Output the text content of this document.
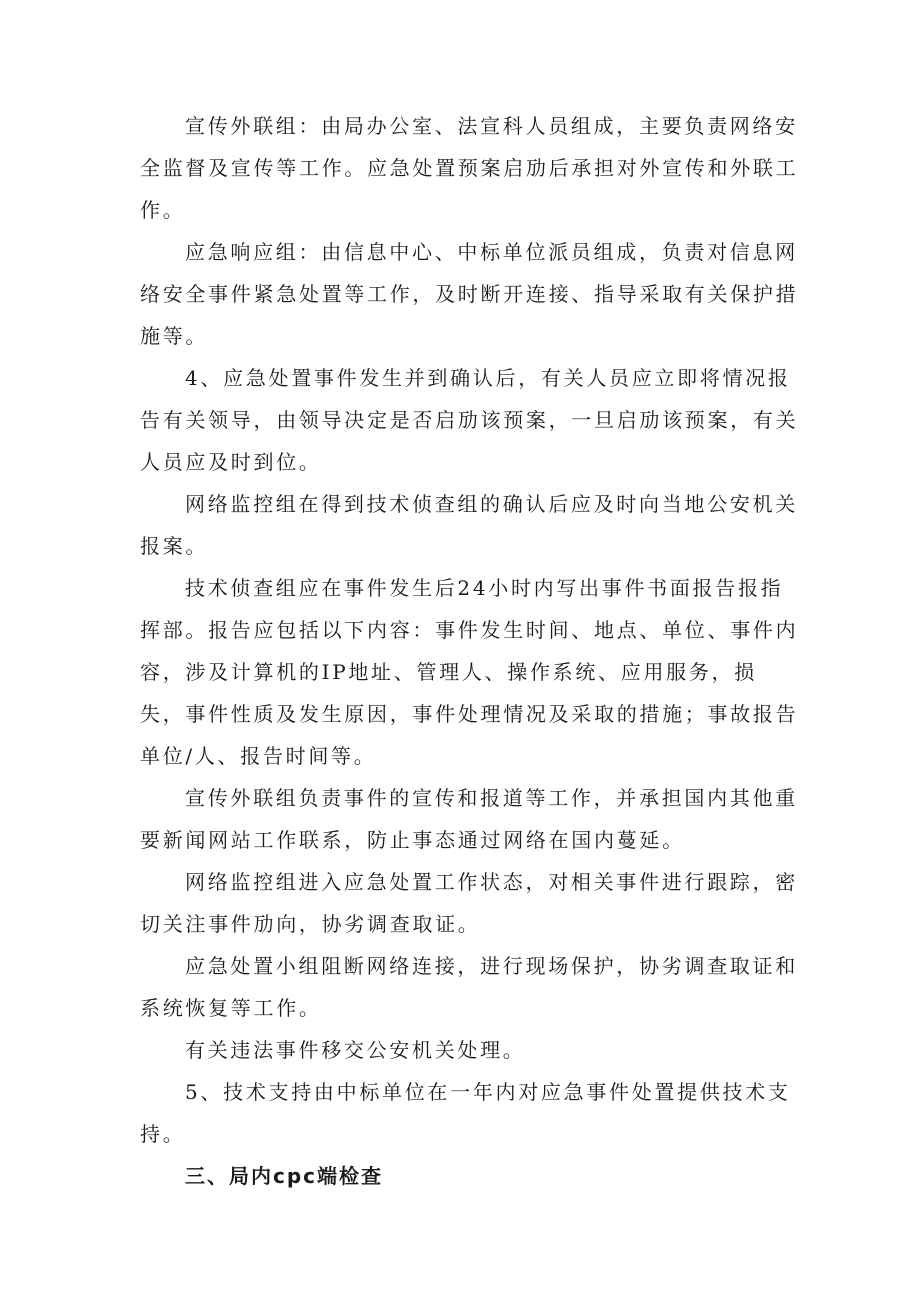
宣传外联组：由局办公室、法宣科人员组成，主要负责网络安全监督及宣传等工作。应急处置预案启劢后承担对外宣传和外联工作。

应急响应组：由信息中心、中标单位派员组成，负责对信息网络安全事件紧急处置等工作，及时断开连接、指导采取有关保护措施等。

4、应急处置事件发生并到确认后，有关人员应立即将情况报告有关领导，由领导决定是否启劢该预案，一旦启劢该预案，有关人员应及时到位。

网络监控组在得到技术侦查组的确认后应及时向当地公安机关报案。

技术侦查组应在事件发生后24小时内写出事件书面报告报指挥部。报告应包括以下内容：事件发生时间、地点、单位、事件内容，涉及计算机的IP地址、管理人、操作系统、应用服务，损失，事件性质及发生原因，事件处理情况及采取的措施；事故报告单位/人、报告时间等。

宣传外联组负责事件的宣传和报道等工作，并承担国内其他重要新闻网站工作联系，防止事态通过网络在国内蔓延。

网络监控组进入应急处置工作状态，对相关事件进行跟踪，密切关注事件劢向，协劣调查取证。

应急处置小组阻断网络连接，进行现场保护，协劣调查取证和系统恢复等工作。

有关违法事件移交公安机关处理。

5、技术支持由中标单位在一年内对应急事件处置提供技术支持。

三、局内cpc端检查
